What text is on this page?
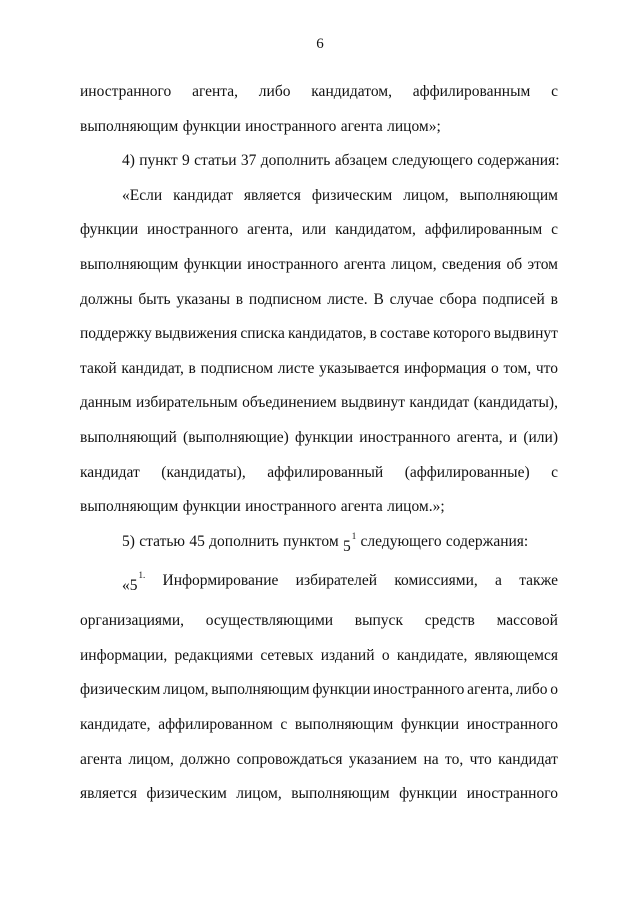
6
иностранного агента, либо кандидатом, аффилированным с
выполняющим функции иностранного агента лицом»;
4) пункт 9 статьи 37 дополнить абзацем следующего содержания:
«Если кандидат является физическим лицом, выполняющим
функции иностранного агента, или кандидатом, аффилированным с
выполняющим функции иностранного агента лицом, сведения об этом
должны быть указаны в подписном листе. В случае сбора подписей в
поддержку выдвижения списка кандидатов, в составе которого выдвинут
такой кандидат, в подписном листе указывается информация о том, что
данным избирательным объединением выдвинут кандидат (кандидаты),
выполняющий (выполняющие) функции иностранного агента, и (или)
кандидат (кандидаты), аффилированный (аффилированные) с
выполняющим функции иностранного агента лицом.»;
5) статью 45 дополнить пунктом $5^1$ следующего содержания:
«$5^{1.}$ Информирование избирателей комиссиями, а также
организациями, осуществляющими выпуск средств массовой
информации, редакциями сетевых изданий о кандидате, являющемся
физическим лицом, выполняющим функции иностранного агента, либо о
кандидате, аффилированном с выполняющим функции иностранного
агента лицом, должно сопровождаться указанием на то, что кандидат
является физическим лицом, выполняющим функции иностранного
